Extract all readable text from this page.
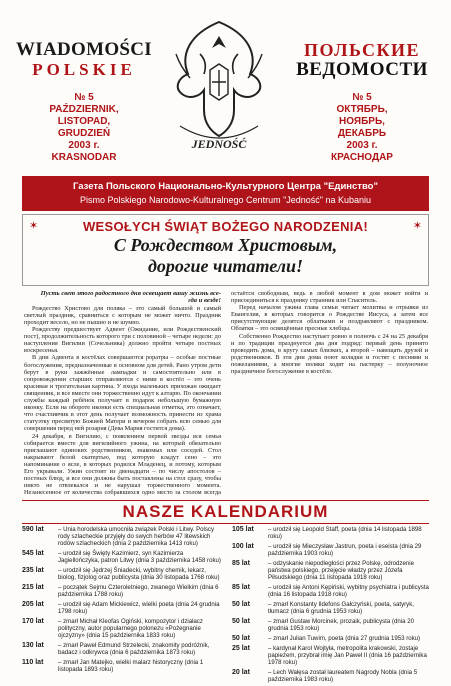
WIADOMOŚCI
POLSKIE
№ 5
PAŹDZIERNIK,
LISTOPAD,
GRUDZIEŃ
2003 r.
KRASNODAR
JEDNOŚĆ
ПОЛЬСКИЕ
ВЕДОМОСТИ
№ 5
ОКТЯБРЬ,
НОЯБРЬ,
ДЕКАБРЬ
2003 г.
КРАСНОДАР
Газета Польского Национально-Культурного Центра "Единство"
Pismo Polskiego Narodowo-Kulturalnego Centrum "Jedność" na Kubaniu
✶	✶
WESOŁYCH ŚWIĄT BOŻEGO NARODZENIA!
С Рождеством Христовым,
дорогие читатели!
Пусть свет этого радостного дня освещает вашу жизнь все-
гда и везде!

Рождество Христово для поляка – это самый большой и самый светлый праздник, сравниться с которым не может ничто. Праздник проходит весело, но не пышно и не шумно.

Рождеству предшествует Адвент (Ожидание, или Рождественский пост), продолжительность которого три с половиной – четыре недели: до наступления Вигилии (Сочельника) должно пройти четыре постных воскресенья.

В дни Адвента в костёлах совершаются роратры – особые постные богослужения, предназначенные в основном для детей. Рано утром дети берут в руки зажжённые лампадки и самостоятельно или в сопровождении старших отправляются с ними в костёл – это очень красивая и трогательная картина. У входа маленьких прихожан ожидает священник, и все вместе они торжественно идут к алтарю. По окончании службы каждый ребёнок получает в подарок небольшую бумажную иконку. Если на обороте иконки есть специальная отметка, это означает, что счастливчик в этот день получает возможность принести из храма статуэтку пресвятую Божией Матери и вечером собрать всю семью для совершения перед ней розария (Дева Мария гостится дома).

24 декабря, в Вигилию, с появлением первой звезды вся семья собирается вместе для вигилийного ужина, на который обязательно приглашают одиноких родственников, знакомых или соседей. Стол накрывают белой скатертью, под которую кладут сено – это напоминание о ясле, в которых родился Младенец, и потому, которым Его укрывали. Ужин состоит из двенадцати – по числу апостолов – постных блюд, и все они должны быть поставлены на стол сразу, чтобы никто не отвлекался и не нарушал торжественного момента. Незанесенное от количества собравшихся одно место за столом всегда остаётся свободным, ведь в любой момент в дом может войти и присоединиться к празднику странник или Спаситель.

Перед началом ужина глава семьи читает молитвы и отрывки из Евангелия, в которых говорится о Рождестве Иисуса, а затем все присутствующие делятся облатками и поздравляют с праздником. Облатки – это освящённые пресные хлебцы.

Собственно Рождество наступает ровно в полночь с 24 на 25 декабря и по традиции празднуется два дня подряд: первый день принято проводить дома, в кругу самых близких, а второй – навещать друзей и родственников. В эти дни дома поют колядки и гостят с песнями и пожеланиями, а многие поляки ходят на пастерку – полуночное праздничное богослужение в костёле.

NASZE KALENDARIUM
590 lat	– Unia horodelska umocniła związek Polski i Litwy. Polscy rody szlacheckie przyjęły do swych herbów 47 litewskich rodów szlacheckich (dnia 2 października 1413 roku)
545 lat	– urodził się Święty Kazimierz, syn Kazimierza Jagiellończyka, patron Litwy (dnia 3 października 1458 roku)
235 lat	– urodził się Jędrzej Śniadecki, wybitny chemik, lekarz, biolog, fizjolog oraz publicysta (dnia 30 listopada 1768 roku)
215 lat	– początek Sejmu Czteroletniego, zwanego Wielkim (dnia 6 października 1788 roku)
205 lat	– urodził się Adam Mickiewicz, wielki poeta (dnia 24 grudnia 1798 roku)
170 lat	– zmarł Michał Kleofas Ogiński, kompozytor i działacz polityczny, autor popularnego polonezu «Pożegnanie ojczyzny» (dnia 15 października 1833 roku)
130 lat	– zmarł Paweł Edmund Strzelecki, znakomity podróżnik, badacz i odkrywca (dnia 6 października 1873 roku)
110 lat	– zmarł Jan Matejko, wielki malarz historyczny (dnia 1 listopada 1893 roku)
105 lat	– urodził się Leopold Staff, poeta (dnia 14 listopada 1898 roku)
100 lat	– urodził się Mieczysław Jastrun, poeta i eseista (dnia 29 października 1903 roku)
85 lat	– odzyskanie niepodległości przez Polskę, odrodzenie państwa polskiego, przejęcie władzy przez Józefa Piłsudskiego (dnia 11 listopada 1918 roku)
85 lat	– urodził się Antoni Kępiński, wybitny psychiatra i publicysta (dnia 16 listopada 1918 roku)
50 lat	– zmarł Konstanty Ildefons Gałczyński, poeta, satyryk, tłumacz (dnia 6 grudnia 1953 roku)
50 lat	– zmarł Gustaw Morcinek, prozaik, publicysta (dnia 20 grudnia 1953 roku)
50 lat	– zmarł Julian Tuwim, poeta (dnia 27 grudnia 1953 roku)
25 lat	– kardynał Karol Wojtyła, metropolita krakowski, zostaje papieżem, przybrał imię Jan Paweł II (dnia 16 października 1978 roku)
20 lat	– Lech Wałęsa został laureatem Nagrody Nobla (dnia 5 października 1983 roku)
